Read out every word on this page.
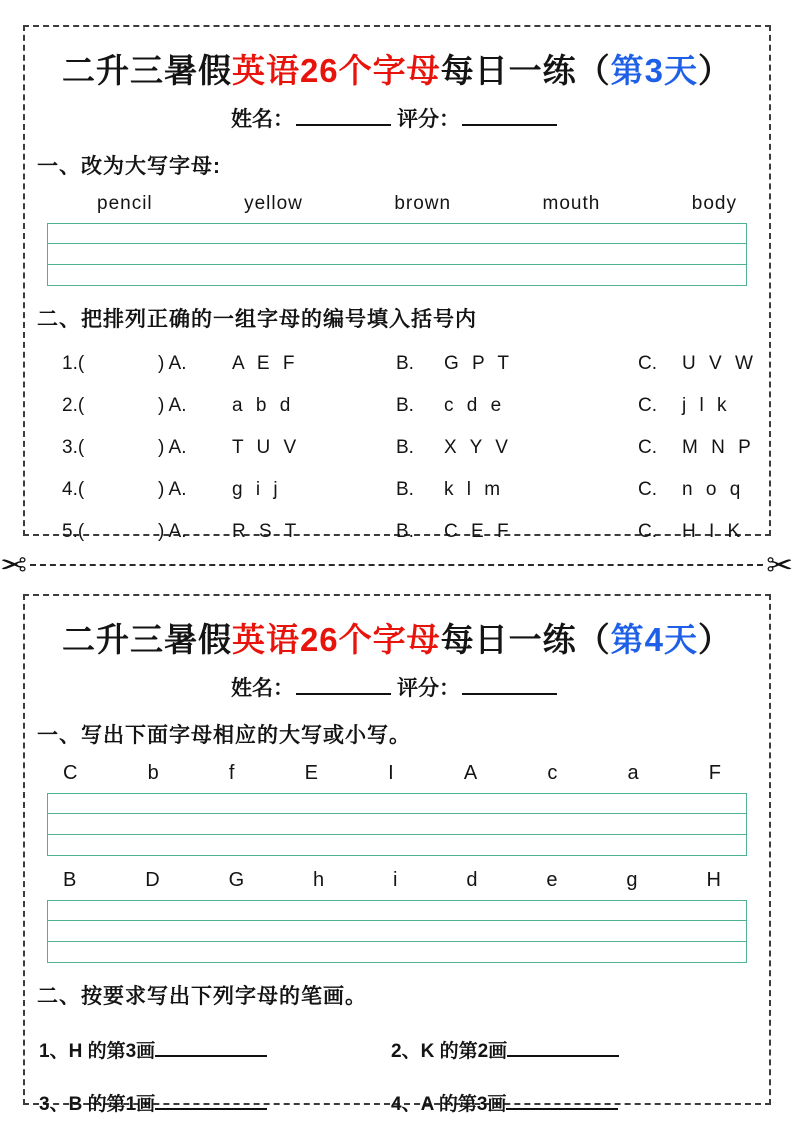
二升三暑假英语26个字母每日一练（第3天）
姓名：	评分：
一、改为大写字母:
pencil	yellow	brown	mouth	body
二、把排列正确的一组字母的编号填入括号内
1.(	) A.	A E F	B.	G P T	C.	U V W
2.(	) A.	a b d	B.	c d e	C.	j l k
3.(	) A.	T U V	B.	X Y V	C.	M N P
4.(	) A.	g i j	B.	k l m	C.	n o q
5.(	) A.	R S T	B.	C E F	C.	H I K
✂	✂
二升三暑假英语26个字母每日一练（第4天）
姓名：	评分：
一、写出下面字母相应的大写或小写。
C	b	f	E	I	A	c	a	F
B	D	G	h	i	d	e	g	H
二、按要求写出下列字母的笔画。
1、H 的第3画	2、K 的第2画
3、B 的第1画	4、A 的第3画
